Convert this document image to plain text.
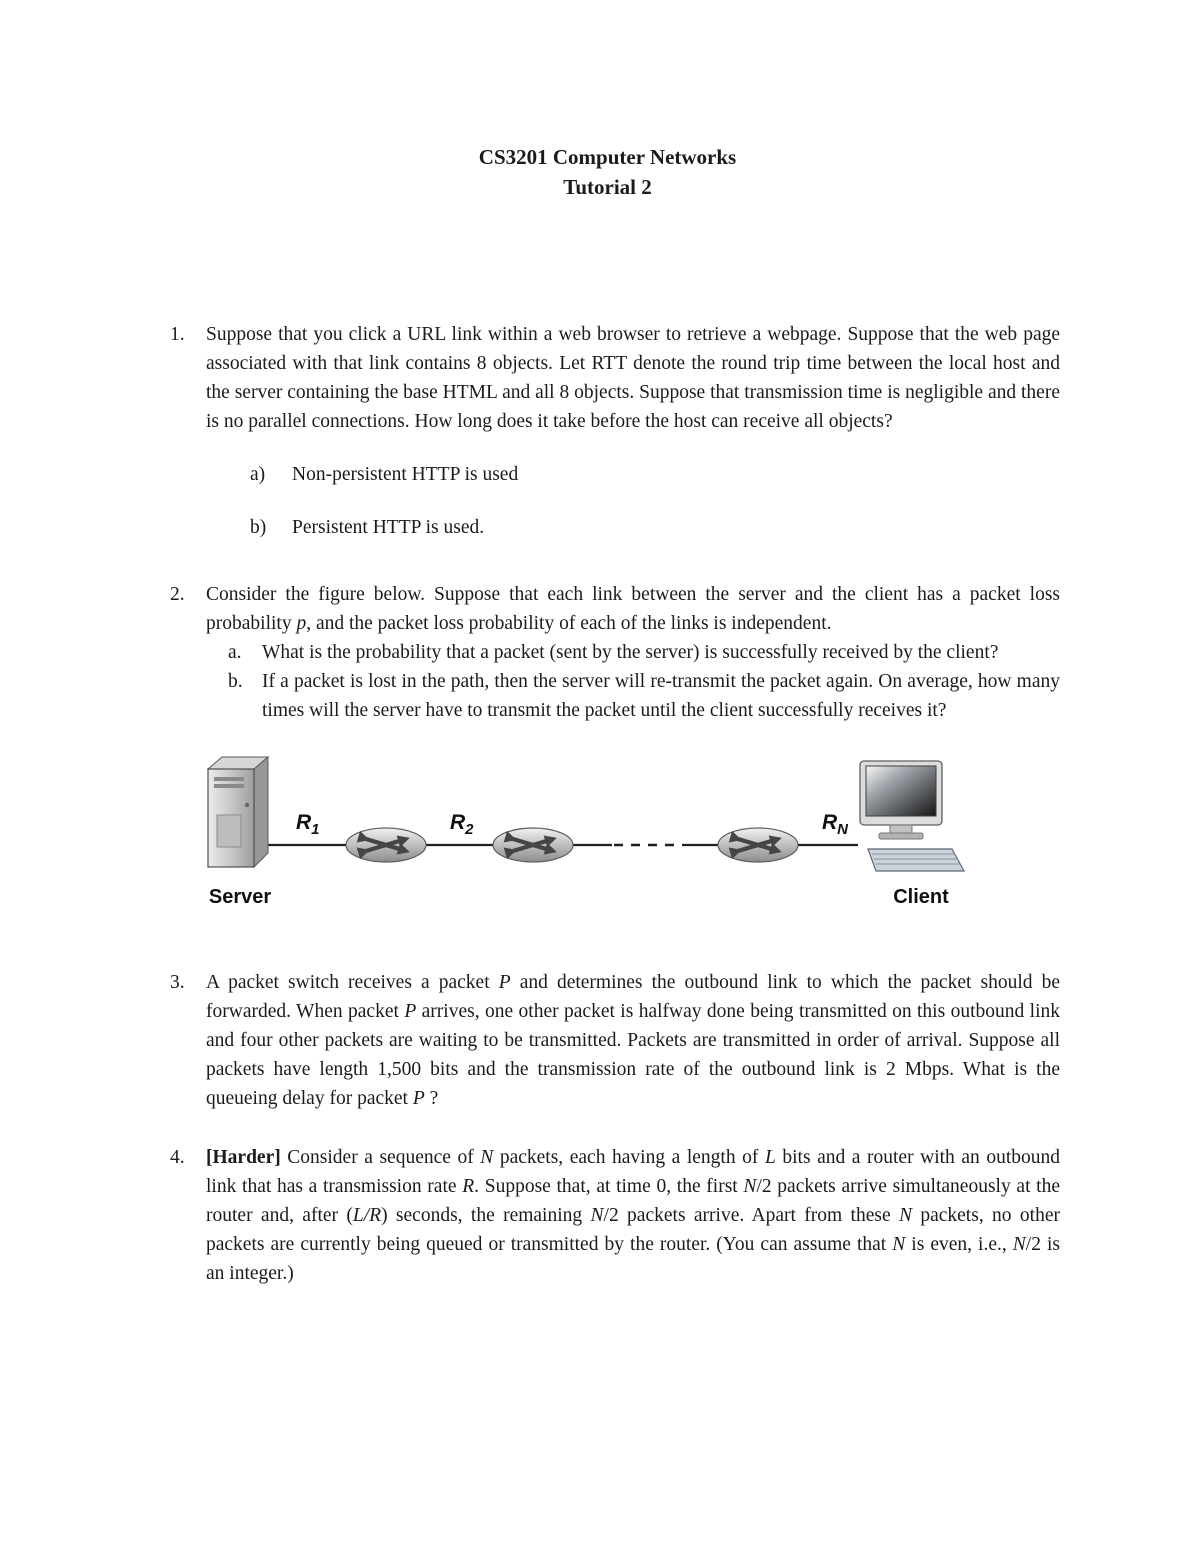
CS3201 Computer Networks
Tutorial 2
1.	Suppose that you click a URL link within a web browser to retrieve a webpage. Suppose that the web page associated with that link contains 8 objects. Let RTT denote the round trip time between the local host and the server containing the base HTML and all 8 objects. Suppose that transmission time is negligible and there is no parallel connections. How long does it take before the host can receive all objects?

a)	Non-persistent HTTP is used

b)	Persistent HTTP is used.

2.	Consider the figure below. Suppose that each link between the server and the client has a packet loss probability p, and the packet loss probability of each of the links is independent.

a.	What is the probability that a packet (sent by the server) is successfully received by the client?

b. If a packet is lost in the path, then the server will re-transmit the packet again. On average, how many times will the server have to transmit the packet until the client successfully receives it?

$R_1$	$R_2$	$R_N$
Server	Client
3.	A packet switch receives a packet P and determines the outbound link to which the packet should be forwarded. When packet P arrives, one other packet is halfway done being transmitted on this outbound link and four other packets are waiting to be transmitted. Packets are transmitted in order of arrival. Suppose all packets have length 1,500 bits and the transmission rate of the outbound link is 2 Mbps. What is the queueing delay for packet P ?

4.	[Harder] Consider a sequence of N packets, each having a length of L bits and a router with an outbound link that has a transmission rate R. Suppose that, at time 0, the first N/2 packets arrive simultaneously at the router and, after (L/R) seconds, the remaining N/2 packets arrive. Apart from these N packets, no other packets are currently being queued or transmitted by the router. (You can assume that N is even, i.e., N/2 is an integer.)
